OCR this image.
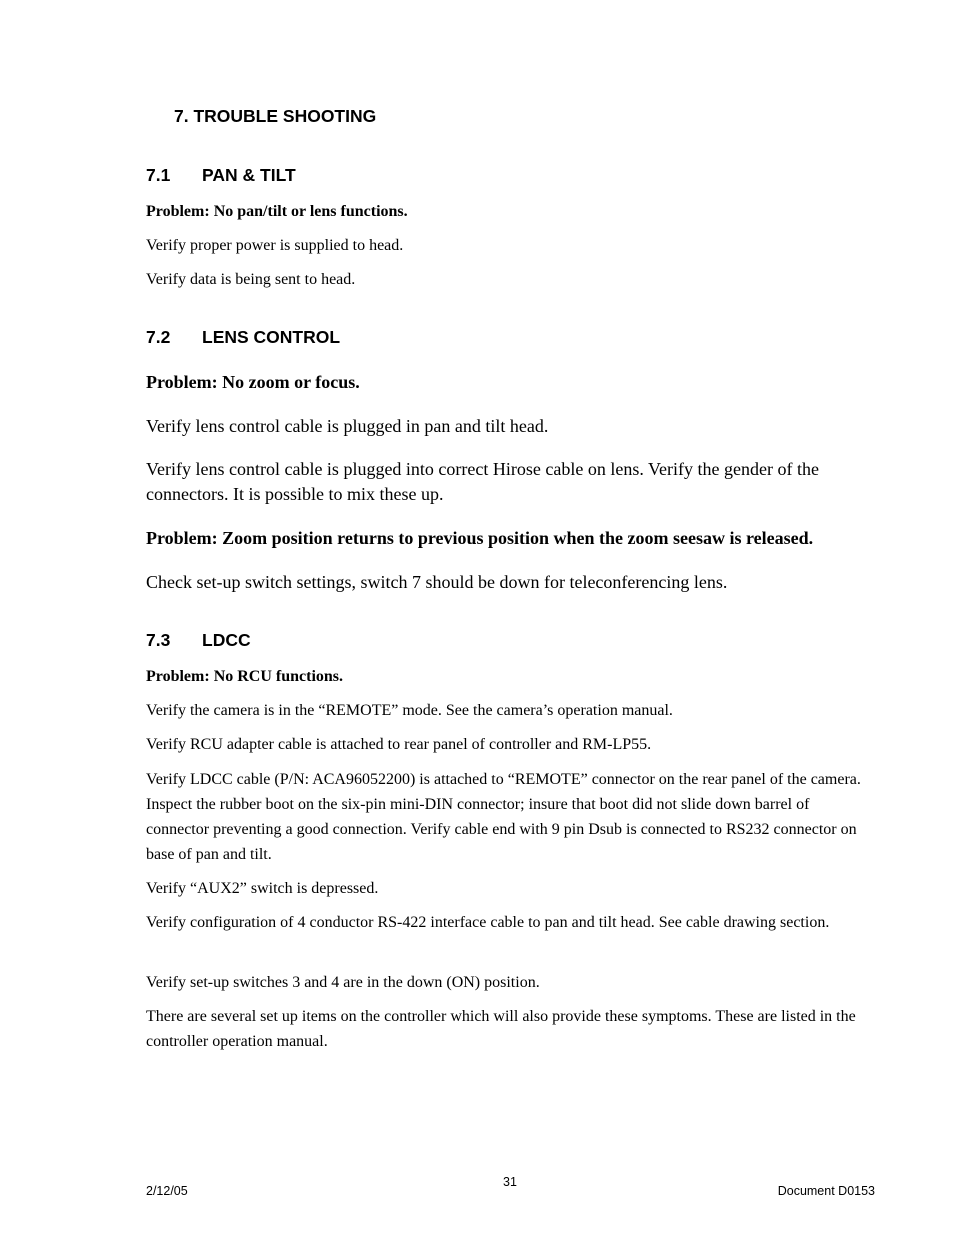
7. TROUBLE SHOOTING
7.1 PAN & TILT

Problem: No pan/tilt or lens functions.

Verify proper power is supplied to head.

Verify data is being sent to head.

7.2 LENS CONTROL

Problem: No zoom or focus.

Verify lens control cable is plugged in pan and tilt head.

Verify lens control cable is plugged into correct Hirose cable on lens. Verify the gender of the connectors. It is possible to mix these up.

Problem: Zoom position returns to previous position when the zoom seesaw is released.

Check set-up switch settings, switch 7 should be down for teleconferencing lens.

7.3 LDCC

Problem: No RCU functions.

Verify the camera is in the “REMOTE” mode. See the camera’s operation manual.

Verify RCU adapter cable is attached to rear panel of controller and RM-LP55.

Verify LDCC cable (P/N: ACA96052200) is attached to “REMOTE” connector on the rear panel of the camera. Inspect the rubber boot on the six-pin mini-DIN connector; insure that boot did not slide down barrel of connector preventing a good connection. Verify cable end with 9 pin Dsub is connected to RS232 connector on base of pan and tilt.

Verify “AUX2” switch is depressed.

Verify configuration of 4 conductor RS-422 interface cable to pan and tilt head. See cable drawing section.

Verify set-up switches 3 and 4 are in the down (ON) position.

There are several set up items on the controller which will also provide these symptoms. These are listed in the controller operation manual.

2/12/05
31
Document D0153
